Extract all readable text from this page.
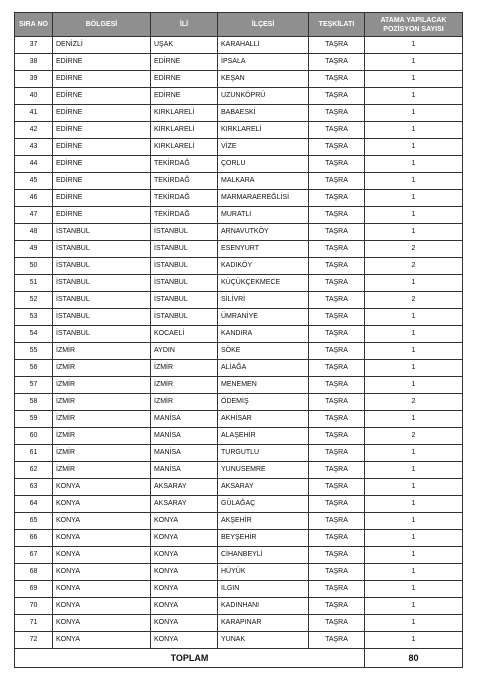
SIRA NO	BÖLGESİ	İLİ	İLÇESİ	TEŞKİLATI	ATAMA YAPILACAK POZİSYON SAYISI
37	DENİZLİ	UŞAK	KARAHALLI	TAŞRA	1
38	EDİRNE	EDİRNE	İPSALA	TAŞRA	1
39	EDİRNE	EDİRNE	KEŞAN	TAŞRA	1
40	EDİRNE	EDİRNE	UZUNKÖPRÜ	TAŞRA	1
41	EDİRNE	KIRKLARELİ	BABAESKİ	TAŞRA	1
42	EDİRNE	KIRKLARELİ	KIRKLARELİ	TAŞRA	1
43	EDİRNE	KIRKLARELİ	VİZE	TAŞRA	1
44	EDİRNE	TEKİRDAĞ	ÇORLU	TAŞRA	1
45	EDİRNE	TEKİRDAĞ	MALKARA	TAŞRA	1
46	EDİRNE	TEKİRDAĞ	MARMARAEREĞLİSİ	TAŞRA	1
47	EDİRNE	TEKİRDAĞ	MURATLI	TAŞRA	1
48	İSTANBUL	İSTANBUL	ARNAVUTKÖY	TAŞRA	1
49	İSTANBUL	İSTANBUL	ESENYURT	TAŞRA	2
50	İSTANBUL	İSTANBUL	KADIKÖY	TAŞRA	2
51	İSTANBUL	İSTANBUL	KÜÇÜKÇEKMECE	TAŞRA	1
52	İSTANBUL	İSTANBUL	SİLİVRİ	TAŞRA	2
53	İSTANBUL	İSTANBUL	ÜMRANİYE	TAŞRA	1
54	İSTANBUL	KOCAELİ	KANDIRA	TAŞRA	1
55	İZMİR	AYDIN	SÖKE	TAŞRA	1
56	İZMİR	İZMİR	ALİAĞA	TAŞRA	1
57	İZMİR	İZMİR	MENEMEN	TAŞRA	1
58	İZMİR	İZMİR	ÖDEMİŞ	TAŞRA	2
59	İZMİR	MANİSA	AKHİSAR	TAŞRA	1
60	İZMİR	MANİSA	ALAŞEHİR	TAŞRA	2
61	İZMİR	MANİSA	TURGUTLU	TAŞRA	1
62	İZMİR	MANİSA	YUNUSEMRE	TAŞRA	1
63	KONYA	AKSARAY	AKSARAY	TAŞRA	1
64	KONYA	AKSARAY	GÜLAĞAÇ	TAŞRA	1
65	KONYA	KONYA	AKŞEHİR	TAŞRA	1
66	KONYA	KONYA	BEYŞEHİR	TAŞRA	1
67	KONYA	KONYA	CİHANBEYLİ	TAŞRA	1
68	KONYA	KONYA	HÜYÜK	TAŞRA	1
69	KONYA	KONYA	ILGIN	TAŞRA	1
70	KONYA	KONYA	KADINHANI	TAŞRA	1
71	KONYA	KONYA	KARAPINAR	TAŞRA	1
72	KONYA	KONYA	YUNAK	TAŞRA	1
TOPLAM					80
